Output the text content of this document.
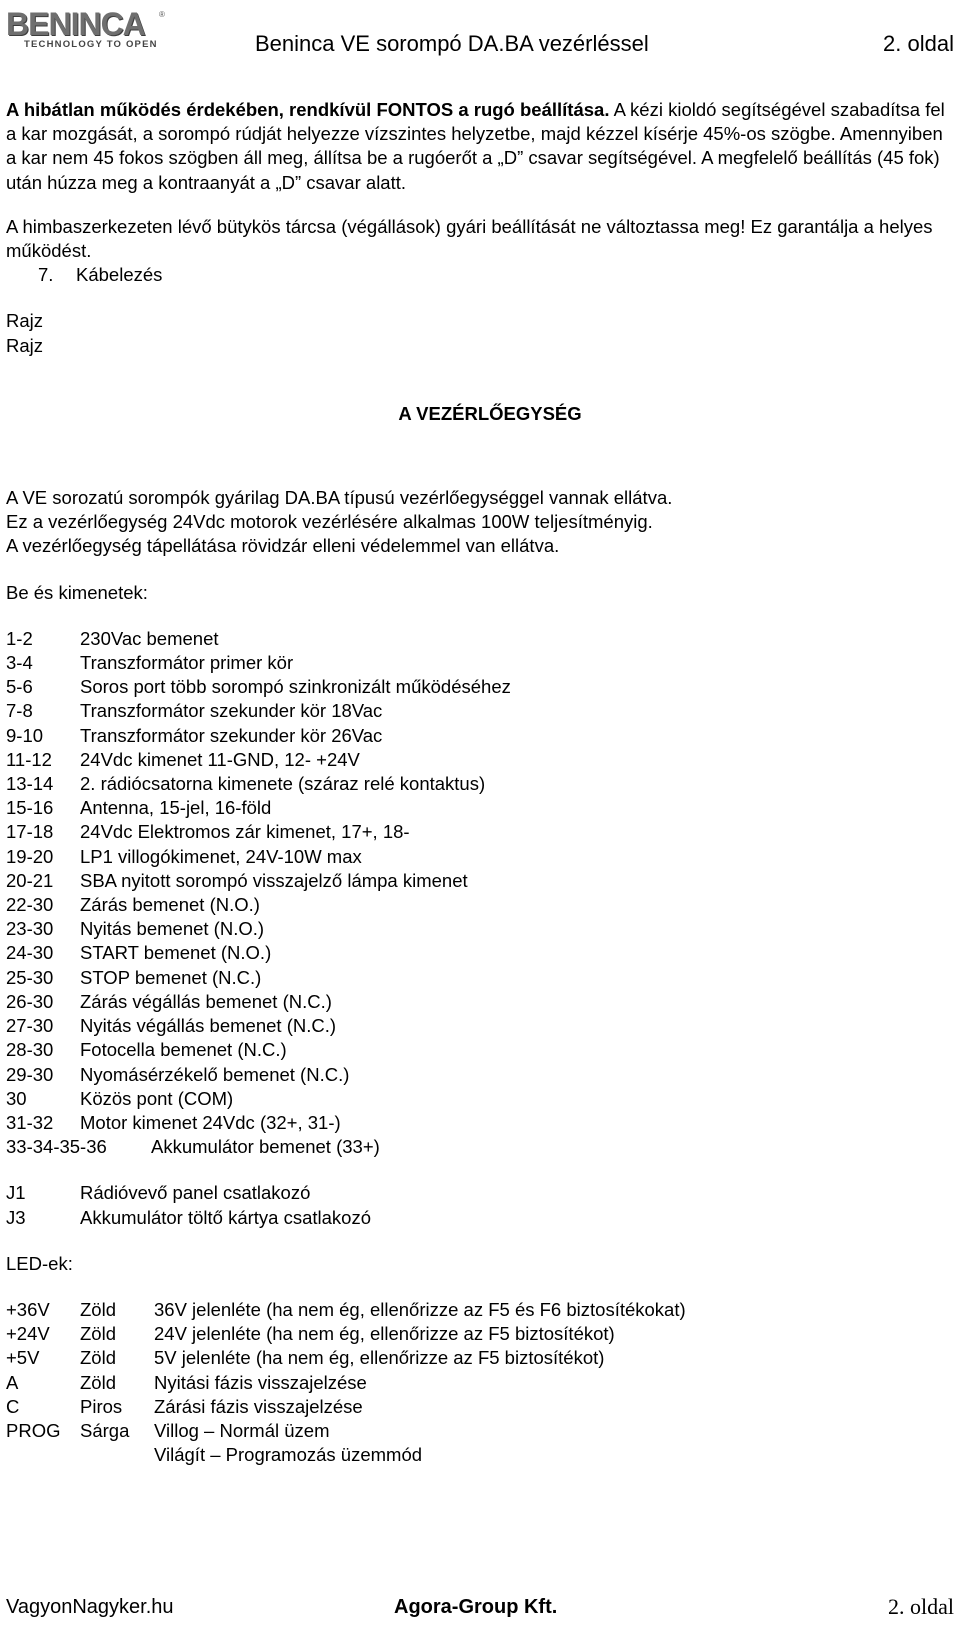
BENINCA ®
TECHNOLOGY TO OPEN	Beninca VE sorompó DA.BA vezérléssel	2. oldal

A hibátlan működés érdekében, rendkívül FONTOS a rugó beállítása. A kézi kioldó segítségével szabadítsa fel a kar mozgását, a sorompó rúdját helyezze vízszintes helyzetbe, majd kézzel kísérje 45%-os szögbe. Amennyiben a kar nem 45 fokos szögben áll meg, állítsa be a rugóerőt a „D” csavar segítségével. A megfelelő beállítás (45 fok) után húzza meg a kontraanyát a „D” csavar alatt.

A himbaszerkezeten lévő bütykös tárcsa (végállások) gyári beállítását ne változtassa meg! Ez garantálja a helyes működést.

7.	Kábelezés

Rajz

Rajz

A VEZÉRLŐEGYSÉG

A VE sorozatú sorompók gyárilag DA.BA típusú vezérlőegységgel vannak ellátva.

Ez a vezérlőegység 24Vdc motorok vezérlésére alkalmas 100W teljesítményig.

A vezérlőegység tápellátása rövidzár elleni védelemmel van ellátva.

Be és kimenetek:

1-2	230Vac bemenet
3-4	Transzformátor primer kör
5-6	Soros port több sorompó szinkronizált működéséhez
7-8	Transzformátor szekunder kör 18Vac
9-10	Transzformátor szekunder kör 26Vac
11-12	24Vdc kimenet 11-GND, 12- +24V
13-14	2. rádiócsatorna kimenete (száraz relé kontaktus)
15-16	Antenna, 15-jel, 16-föld
17-18	24Vdc Elektromos zár kimenet, 17+, 18-
19-20	LP1 villogókimenet, 24V-10W max
20-21	SBA nyitott sorompó visszajelző lámpa kimenet
22-30	Zárás bemenet (N.O.)
23-30	Nyitás bemenet (N.O.)
24-30	START bemenet (N.O.)
25-30	STOP bemenet (N.C.)
26-30	Zárás végállás bemenet (N.C.)
27-30	Nyitás végállás bemenet (N.C.)
28-30	Fotocella bemenet (N.C.)
29-30	Nyomásérzékelő bemenet (N.C.)
30	Közös pont (COM)
31-32	Motor kimenet 24Vdc (32+, 31-)
33-34-35-36	Akkumulátor bemenet (33+)
J1	Rádióvevő panel csatlakozó
J3	Akkumulátor töltő kártya csatlakozó

LED-ek:

+36V	Zöld	36V jelenléte (ha nem ég, ellenőrizze az F5 és F6 biztosítékokat)
+24V	Zöld	24V jelenléte (ha nem ég, ellenőrizze az F5 biztosítékot)
+5V	Zöld	5V jelenléte (ha nem ég, ellenőrizze az F5 biztosítékot)
A	Zöld	Nyitási fázis visszajelzése
C	Piros	Zárási fázis visszajelzése
PROG	Sárga	Villog – Normál üzem
Világít – Programozás üzemmód
VagyonNagyker.hu	Agora-Group Kft.	2. oldal
